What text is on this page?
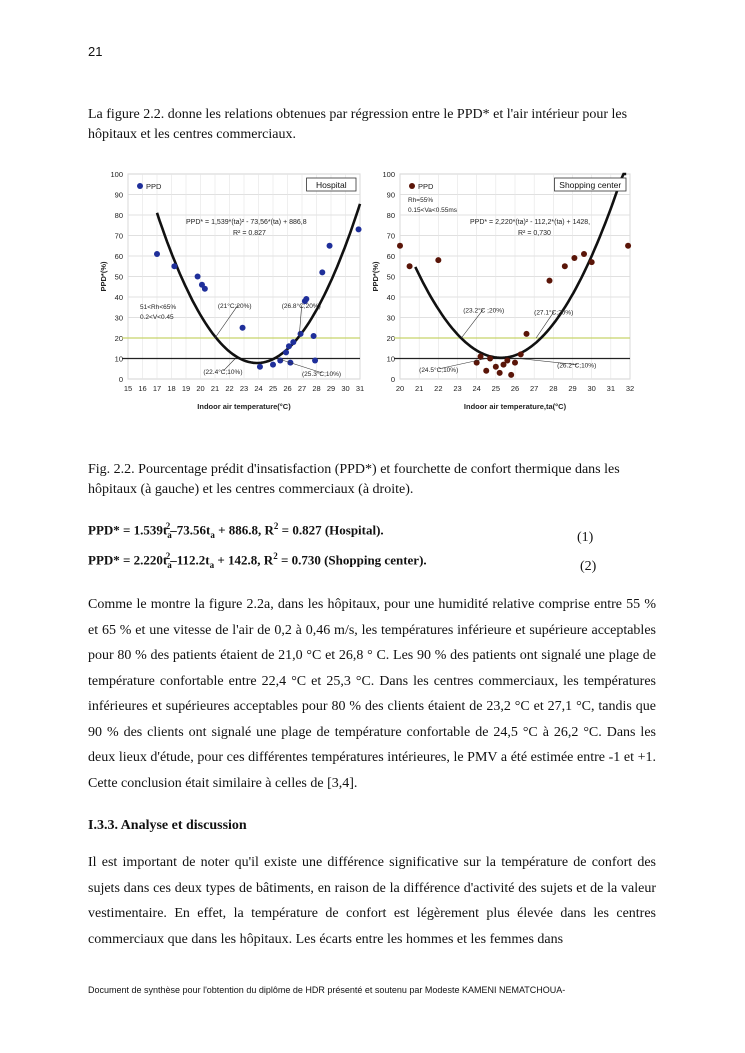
21

La figure 2.2. donne les relations obtenues par régression entre le PPD* et l'air intérieur pour les hôpitaux et les centres commerciaux.

0
10
20
30
40
50
60
70
80
90
100
15 16 17 18 19 20 21 22 23 24 25 26 27 28 29 30 31
Indoor air temperature(°C)
PPD*(%)
PPD	Hospital
PPD* = 1,539*(ta)² - 73,56*(ta) + 886,8
R² = 0.827
51<Rh<65%
0.2<V<0.45
(21°C;20%)	(26.8°C;20%)
(22.4°C;10%)	(25.3°C;10%)
0
10
20
30
40
50
60
70
80
90
100
20 21 22 23 24 25 26 27 28 29 30 31 32
Indoor air temperature,ta(°C)
PPD*(%)
PPD	Shopping center
PPD* = 2,220*(ta)² - 112,2*(ta) + 1428,
R² = 0,730
Rh=55%
0.15<Va<0.55ms
(23.2°C ;20%)	(27.1°C;20%)
(24.5°C;10%)
(26.2°C;10%)

Fig. 2.2. Pourcentage prédit d'insatisfaction (PPD*) et fourchette de confort thermique dans les hôpitaux (à gauche) et les centres commerciaux (à droite).

$PPD* = 1.539t_a^2-73.56t_a + 886.8$, $R^2 = 0.827$ (Hospital).
(1)
$PPD* = 2.220t_a^2-112.2t_a + 142.8$, $R^2 = 0.730$ (Shopping center).	(2)

Comme le montre la figure 2.2a, dans les hôpitaux, pour une humidité relative comprise entre 55 % et 65 % et une vitesse de l'air de 0,2 à 0,46 m/s, les températures inférieure et supérieure acceptables pour 80 % des patients étaient de 21,0 °C et 26,8 ° C. Les 90 % des patients ont signalé une plage de température confortable entre 22,4 °C et 25,3 °C. Dans les centres commerciaux, les températures inférieures et supérieures acceptables pour 80 % des clients étaient de 23,2 °C et 27,1 °C, tandis que 90 % des clients ont signalé une plage de température confortable de 24,5 °C à 26,2 °C. Dans les deux lieux d'étude, pour ces différentes températures intérieures, le PMV a été estimée entre -1 et +1. Cette conclusion était similaire à celles de [3,4].

I.3.3. Analyse et discussion

Il est important de noter qu'il existe une différence significative sur la température de confort des sujets dans ces deux types de bâtiments, en raison de la différence d'activité des sujets et de la valeur vestimentaire. En effet, la température de confort est légèrement plus élevée dans les centres commerciaux que dans les hôpitaux. Les écarts entre les hommes et les femmes dans

Document de synthèse pour l'obtention du diplôme de HDR présenté et soutenu par Modeste KAMENI NEMATCHOUA-
